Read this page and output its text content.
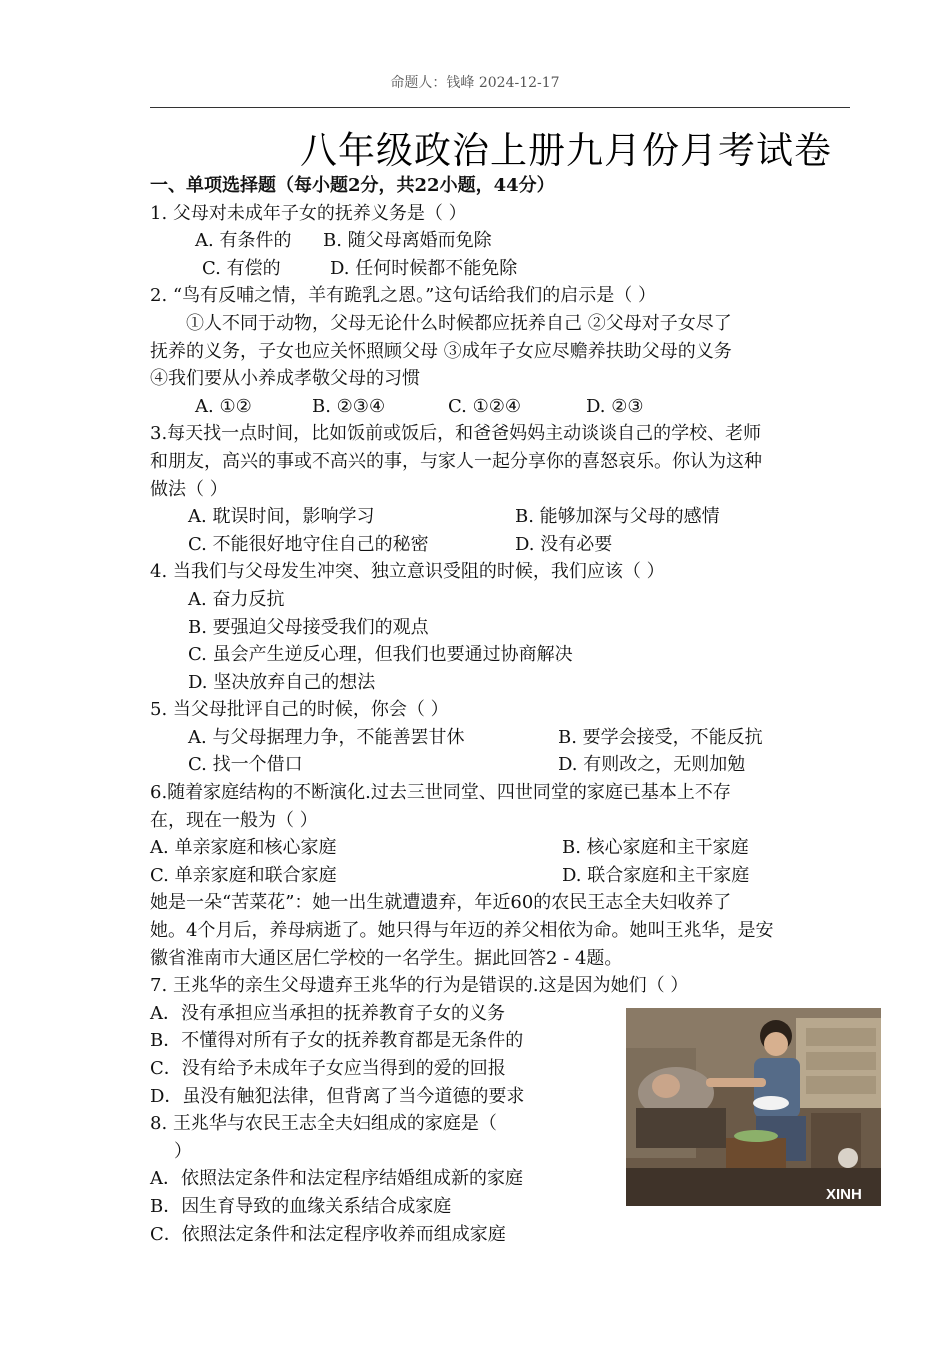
命题人：钱峰 2024-12-17
八年级政治上册九月份月考试卷
一、单项选择题（每小题2分，共22小题，44分）
1. 父母对未成年子女的抚养义务是（ ）
A. 有条件的	B. 随父母离婚而免除
C. 有偿的	D. 任何时候都不能免除
2. “鸟有反哺之情，羊有跪乳之恩。”这句话给我们的启示是（ ）
①人不同于动物，父母无论什么时候都应抚养自己 ②父母对子女尽了
抚养的义务，子女也应关怀照顾父母 ③成年子女应尽赡养扶助父母的义务
④我们要从小养成孝敬父母的习惯
A. ①②	B. ②③④	C. ①②④	D. ②③
3.每天找一点时间，比如饭前或饭后，和爸爸妈妈主动谈谈自己的学校、老师
和朋友，高兴的事或不高兴的事，与家人一起分享你的喜怒哀乐。你认为这种
做法（ ）
A. 耽误时间，影响学习	B. 能够加深与父母的感情
C. 不能很好地守住自己的秘密	D. 没有必要
4. 当我们与父母发生冲突、独立意识受阻的时候，我们应该（ ）
A. 奋力反抗
B. 要强迫父母接受我们的观点
C. 虽会产生逆反心理，但我们也要通过协商解决
D. 坚决放弃自己的想法
5. 当父母批评自己的时候，你会（ ）
A. 与父母据理力争，不能善罢甘休	B. 要学会接受，不能反抗
C. 找一个借口	D. 有则改之，无则加勉
6.随着家庭结构的不断演化.过去三世同堂、四世同堂的家庭已基本上不存
在，现在一般为（ ）
A. 单亲家庭和核心家庭	B. 核心家庭和主干家庭
C. 单亲家庭和联合家庭	D. 联合家庭和主干家庭
她是一朵“苦菜花”：她一出生就遭遗弃，年近60的农民王志全夫妇收养了
她。4个月后，养母病逝了。她只得与年迈的养父相依为命。她叫王兆华，是安
徽省淮南市大通区居仁学校的一名学生。据此回答2 - 4题。
7. 王兆华的亲生父母遗弃王兆华的行为是错误的.这是因为她们（ ）
A．没有承担应当承担的抚养教育子女的义务
B．不懂得对所有子女的抚养教育都是无条件的
C．没有给予未成年子女应当得到的爱的回报
D．虽没有触犯法律，但背离了当今道德的要求
8. 王兆华与农民王志全夫妇组成的家庭是（
）
A．依照法定条件和法定程序结婚组成新的家庭
B．因生育导致的血缘关系结合成家庭
C．依照法定条件和法定程序收养而组成家庭
XINH
